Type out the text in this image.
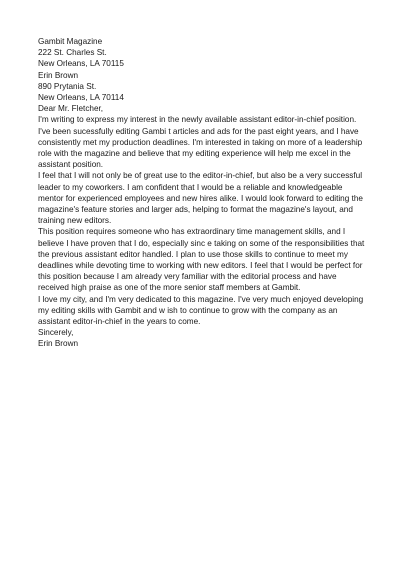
Gambit Magazine
222 St. Charles St.
New Orleans, LA 70115
Erin Brown
890 Prytania St.
New Orleans, LA 70114
Dear Mr. Fletcher,
I'm writing to express my interest in the newly available assistant editor-in-chief position.
I've been sucessfully editing Gambi t articles and ads for the past eight years, and I have
consistently met my production deadlines. I'm interested in taking on more of a leadership
role with the magazine and believe that my editing experience will help me excel in the
assistant position.
I feel that I will not only be of great use to the editor-in-chief, but also be a very successful
leader to my coworkers. I am confident that I would be a reliable and knowledgeable
mentor for experienced employees and new hires alike. I would look forward to editing the
magazine's feature stories and larger ads, helping to format the magazine's layout, and
training new editors.
This position requires someone who has extraordinary time management skills, and I
believe I have proven that I do, especially sinc e taking on some of the responsibilities that
the previous assistant editor handled. I plan to use those skills to continue to meet my
deadlines while devoting time to working with new editors. I feel that I would be perfect for
this position because I am already very familiar with the editorial process and have
received high praise as one of the more senior staff members at Gambit.
I love my city, and I'm very dedicated to this magazine. I've very much enjoyed developing
my editing skills with Gambit and w ish to continue to grow with the company as an
assistant editor-in-chief in the years to come.
Sincerely,
Erin Brown
